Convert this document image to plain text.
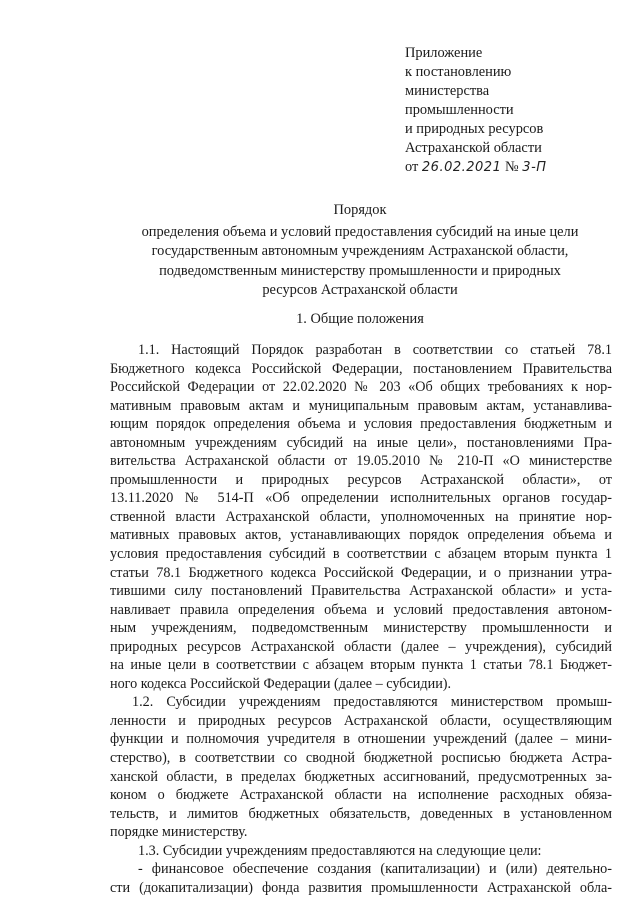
Приложение
к постановлению
министерства
промышленности
и природных ресурсов
Астраханской области
от 26.02.2021 № 3-П
Порядок
определения объема и условий предоставления субсидий на иные цели
государственным автономным учреждениям Астраханской области,
подведомственным министерству промышленности и природных
ресурсов Астраханской области
1. Общие положения
1.1. Настоящий Порядок разработан в соответствии со статьей 78.1
Бюджетного кодекса Российской Федерации, постановлением Правительства
Российской Федерации от 22.02.2020 № 203 «Об общих требованиях к нор-
мативным правовым актам и муниципальным правовым актам, устанавлива-
ющим порядок определения объема и условия предоставления бюджетным и
автономным учреждениям субсидий на иные цели», постановлениями Пра-
вительства Астраханской области от 19.05.2010 № 210-П «О министерстве
промышленности и природных ресурсов Астраханской области», от
13.11.2020 № 514-П «Об определении исполнительных органов государ-
ственной власти Астраханской области, уполномоченных на принятие нор-
мативных правовых актов, устанавливающих порядок определения объема и
условия предоставления субсидий в соответствии с абзацем вторым пункта 1
статьи 78.1 Бюджетного кодекса Российской Федерации, и о признании утра-
тившими силу постановлений Правительства Астраханской области» и уста-
навливает правила определения объема и условий предоставления автоном-
ным учреждениям, подведомственным министерству промышленности и
природных ресурсов Астраханской области (далее – учреждения), субсидий
на иные цели в соответствии с абзацем вторым пункта 1 статьи 78.1 Бюджет-
ного кодекса Российской Федерации (далее – субсидии).
1.2. Субсидии учреждениям предоставляются министерством промыш-
ленности и природных ресурсов Астраханской области, осуществляющим
функции и полномочия учредителя в отношении учреждений (далее – мини-
стерство), в соответствии со сводной бюджетной росписью бюджета Астра-
ханской области, в пределах бюджетных ассигнований, предусмотренных за-
коном о бюджете Астраханской области на исполнение расходных обяза-
тельств, и лимитов бюджетных обязательств, доведенных в установленном
порядке министерству.
1.3. Субсидии учреждениям предоставляются на следующие цели:
- финансовое обеспечение создания (капитализации) и (или) деятельно-
сти (докапитализации) фонда развития промышленности Астраханской обла-
